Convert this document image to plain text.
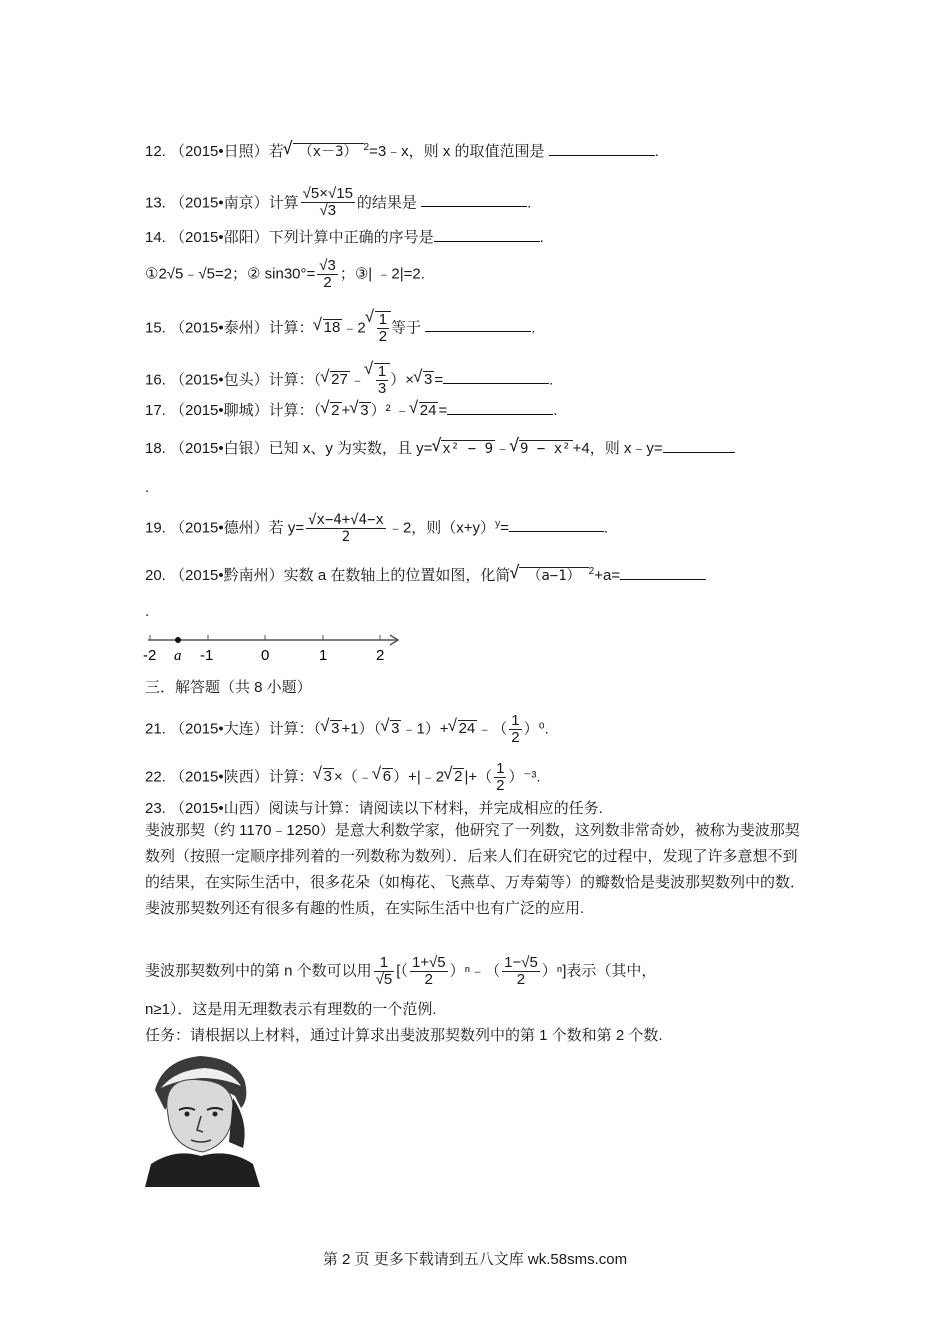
12. （2015•日照）若 √ （x－3） $^2$=3﹣x，则 x 的取值范围是	.
13. （2015•南京）计算 $\frac{√5\times√15}{√3}$ 的结果是	.
14. （2015•邵阳）下列计算中正确的序号是	.
①2√5﹣√5=2；② $\sin 30^\circ= \frac{√3}{2}$ ；③| ﹣2|=2.
15. （2015•泰州）计算： √ 18 ﹣2 √ $\frac{1}{2}$ 等于	.
16. （2015•包头）计算：（ √ 27 ﹣ √ $\frac{1}{3}$ ）× √ 3 =	.
17. （2015•聊城）计算：（ √ 2 + √ 3 ）² ﹣ √ 24 =	.
18. （2015•白银）已知 x、y 为实数，且 y= √ x² − 9 ﹣ √ 9 − x² +4，则 x﹣y=
.
19. （2015•德州）若 $y= \frac{√x-4+√4-x}{2}$ ﹣2，则$(x+y)^y=$	.
20. （2015•黔南州）实数 a 在数轴上的位置如图，化简 √ （a−1） $^2$+a=
.
-2 a -1	0	1	2
三．解答题（共 8 小题）
21. （2015•大连）计算：（ √ 3 +1）（ √ 3 ﹣1）+ √ 24 ﹣（ $\frac{1}{2} )^0$.
22. （2015•陕西）计算： √ 3 ×（﹣ √ 6 ）+|﹣2 √ 2 |+（ $\frac{1}{2} )^{-3}$.
23. （2015•山西）阅读与计算：请阅读以下材料，并完成相应的任务.
斐波那契（约 1170﹣1250）是意大利数学家，他研究了一列数，这列数非常奇妙，被称为斐波那契数列（按照一定顺序排列着的一列数称为数列）．后来人们在研究它的过程中，发现了许多意想不到的结果，在实际生活中，很多花朵（如梅花、飞燕草、万寿菊等）的瓣数恰是斐波那契数列中的数．斐波那契数列还有很多有趣的性质，在实际生活中也有广泛的应用.
斐波那契数列中的第 n 个数可以用 $\frac{1}{√5}$ [（ $\frac{1+√5}{2}$ ）ⁿ﹣（ $\frac{1-√5}{2} )^n$]表示（其中，
n≥1）．这是用无理数表示有理数的一个范例.
任务：请根据以上材料，通过计算求出斐波那契数列中的第 1 个数和第 2 个数.
第 2 页 更多下载请到五八文库 wk.58sms.com
